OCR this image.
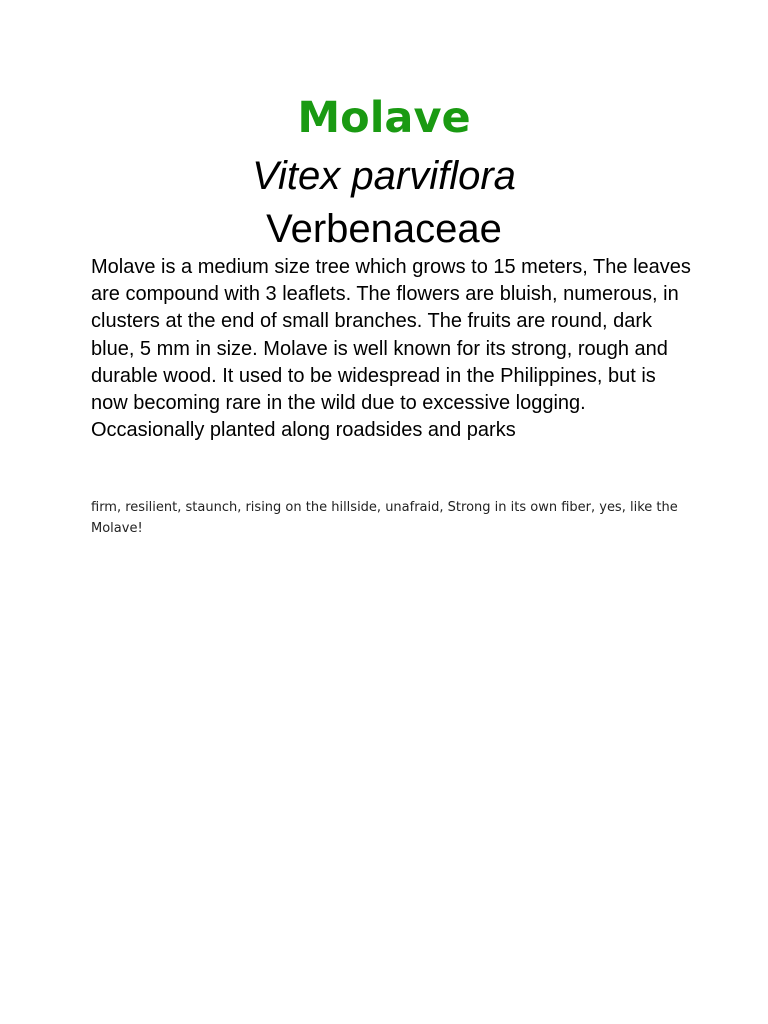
Molave
Vitex parviflora
Verbenaceae

Molave is a medium size tree which grows to 15 meters, The leaves are compound with 3 leaflets. The flowers are bluish, numerous, in clusters at the end of small branches. The fruits are round, dark blue, 5 mm in size. Molave is well known for its strong, rough and durable wood. It used to be widespread in the Philippines, but is now becoming rare in the wild due to excessive logging. Occasionally planted along roadsides and parks

firm, resilient, staunch, rising on the hillside, unafraid, Strong in its own fiber, yes, like the Molave!
